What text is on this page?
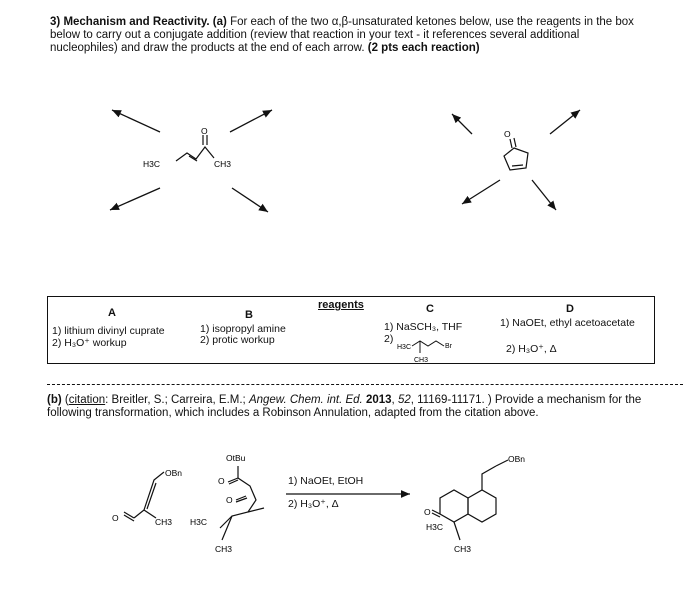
3) Mechanism and Reactivity. (a) For each of the two α,β-unsaturated ketones below, use the reagents in the box below to carry out a conjugate addition (review that reaction in your text - it references several additional nucleophiles) and draw the products at the end of each arrow. (2 pts each reaction)
H3C	CH3
O	O
H3C	Br
CH3
O	CH3
OBn
OtBu
O
O
H3C
CH3
OBn
O
H3C
CH3
reagents
A
1) lithium divinyl cuprate
2) H₃O⁺ workup
B
1) isopropyl amine
2) protic workup
C
1) NaSCH₃, THF
2)
D
1) NaOEt, ethyl acetoacetate
2) H₃O⁺, Δ
(b) (citation: Breitler, S.; Carreira, E.M.; Angew. Chem. int. Ed. 2013, 52, 11169-11171. ) Provide a mechanism for the following transformation, which includes a Robinson Annulation, adapted from the citation above.
1) NaOEt, EtOH
2) H₃O⁺, Δ
